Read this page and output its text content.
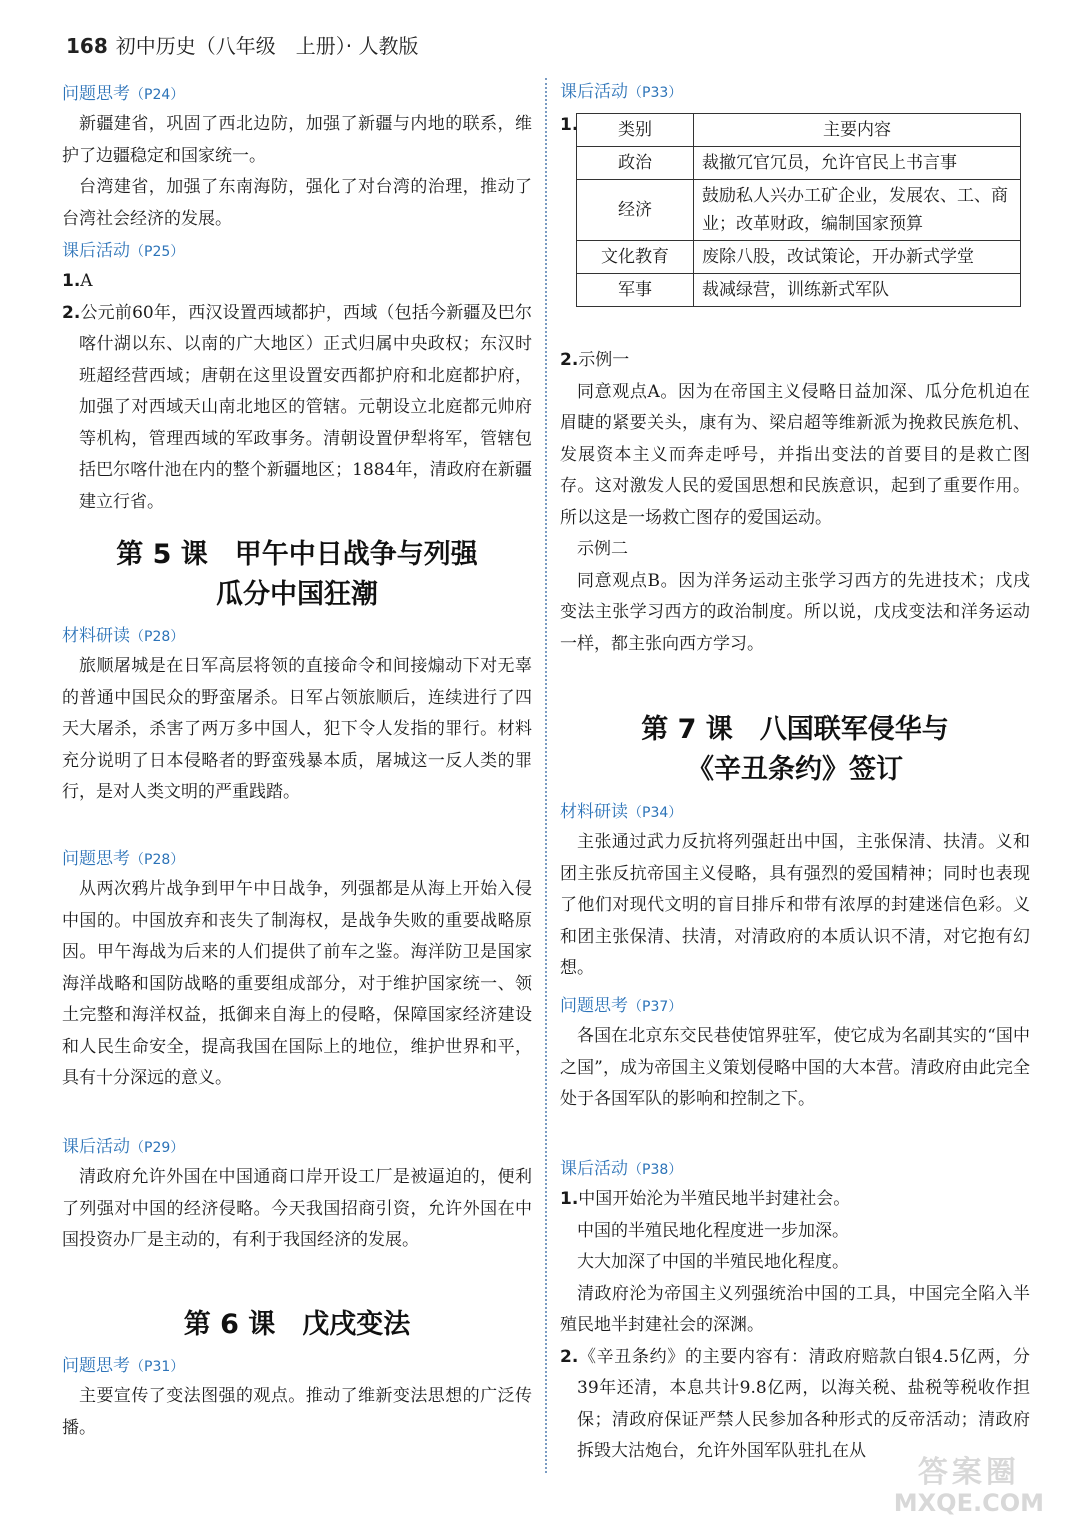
168 初中历史（八年级　上册）· 人教版
问题思考（P24）

新疆建省，巩固了西北边防，加强了新疆与内地的联系，维护了边疆稳定和国家统一。

台湾建省，加强了东南海防，强化了对台湾的治理，推动了台湾社会经济的发展。

课后活动（P25）

1.A

2.公元前60年，西汉设置西域都护，西域（包括今新疆及巴尔喀什湖以东、以南的广大地区）正式归属中央政权；东汉时班超经营西域；唐朝在这里设置安西都护府和北庭都护府，加强了对西域天山南北地区的管辖。元朝设立北庭都元帅府等机构，管理西域的军政事务。清朝设置伊犁将军，管辖包括巴尔喀什池在内的整个新疆地区；1884年，清政府在新疆建立行省。

第 5 课　甲午中日战争与列强
瓜分中国狂潮
材料研读（P28）

旅顺屠城是在日军高层将领的直接命令和间接煽动下对无辜的普通中国民众的野蛮屠杀。日军占领旅顺后，连续进行了四天大屠杀，杀害了两万多中国人，犯下令人发指的罪行。材料充分说明了日本侵略者的野蛮残暴本质，屠城这一反人类的罪行，是对人类文明的严重践踏。

问题思考（P28）

从两次鸦片战争到甲午中日战争，列强都是从海上开始入侵中国的。中国放弃和丧失了制海权，是战争失败的重要战略原因。甲午海战为后来的人们提供了前车之鉴。海洋防卫是国家海洋战略和国防战略的重要组成部分，对于维护国家统一、领土完整和海洋权益，抵御来自海上的侵略，保障国家经济建设和人民生命安全，提高我国在国际上的地位，维护世界和平，具有十分深远的意义。

课后活动（P29）

清政府允许外国在中国通商口岸开设工厂是被逼迫的，便利了列强对中国的经济侵略。今天我国招商引资，允许外国在中国投资办厂是主动的，有利于我国经济的发展。

第 6 课　戊戌变法
问题思考（P31）

主要宣传了变法图强的观点。推动了维新变法思想的广泛传播。

课后活动（P33）
1. 类别	主要内容
政治	裁撤冗官冗员，允许官民上书言事
经济	鼓励私人兴办工矿企业，发展农、工、商业；改革财政，编制国家预算
文化教育	废除八股，改试策论，开办新式学堂
军事	裁减绿营，训练新式军队

2.示例一

同意观点A。因为在帝国主义侵略日益加深、瓜分危机迫在眉睫的紧要关头，康有为、梁启超等维新派为挽救民族危机、发展资本主义而奔走呼号，并指出变法的首要目的是救亡图存。这对激发人民的爱国思想和民族意识，起到了重要作用。所以这是一场救亡图存的爱国运动。

示例二

同意观点B。因为洋务运动主张学习西方的先进技术；戊戌变法主张学习西方的政治制度。所以说，戊戌变法和洋务运动一样，都主张向西方学习。

第 7 课　八国联军侵华与
《辛丑条约》签订
材料研读（P34）

主张通过武力反抗将列强赶出中国，主张保清、扶清。义和团主张反抗帝国主义侵略，具有强烈的爱国精神；同时也表现了他们对现代文明的盲目排斥和带有浓厚的封建迷信色彩。义和团主张保清、扶清，对清政府的本质认识不清，对它抱有幻想。

问题思考（P37）

各国在北京东交民巷使馆界驻军，使它成为名副其实的“国中之国”，成为帝国主义策划侵略中国的大本营。清政府由此完全处于各国军队的影响和控制之下。

课后活动（P38）

1.中国开始沦为半殖民地半封建社会。

中国的半殖民地化程度进一步加深。

大大加深了中国的半殖民地化程度。

清政府沦为帝国主义列强统治中国的工具，中国完全陷入半殖民地半封建社会的深渊。

2.《辛丑条约》的主要内容有：清政府赔款白银4.5亿两，分39年还清，本息共计9.8亿两，以海关税、盐税等税收作担保；清政府保证严禁人民参加各种形式的反帝活动；清政府拆毁大沽炮台，允许外国军队驻扎在从

答案圈
MXQE.COM
